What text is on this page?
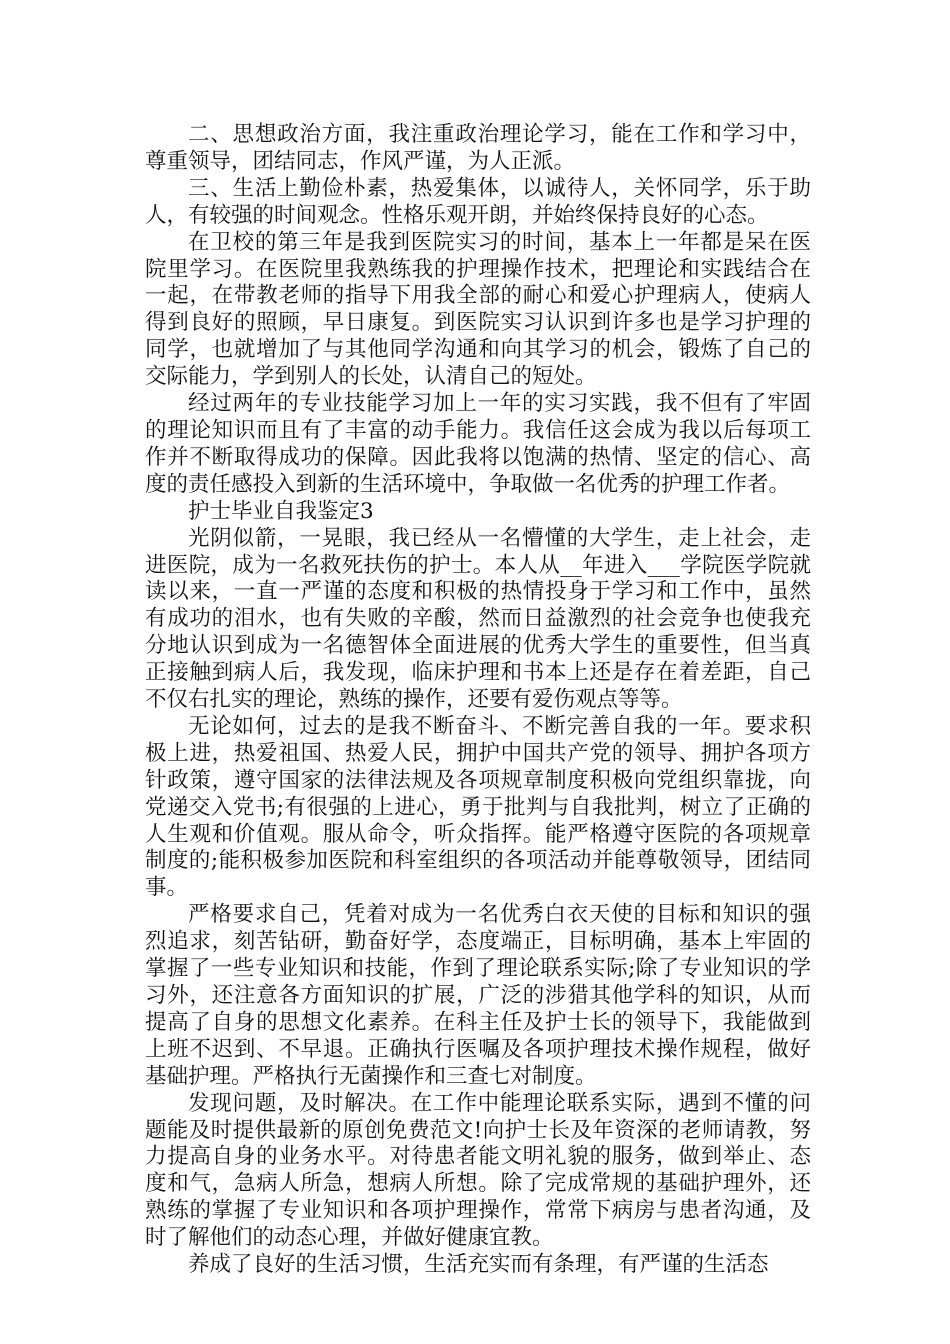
二、思想政治方面，我注重政治理论学习，能在工作和学习中，尊重领导，团结同志，作风严谨，为人正派。

三、生活上勤俭朴素，热爱集体，以诚待人，关怀同学，乐于助人，有较强的时间观念。性格乐观开朗，并始终保持良好的心态。

在卫校的第三年是我到医院实习的时间，基本上一年都是呆在医院里学习。在医院里我熟练我的护理操作技术，把理论和实践结合在一起，在带教老师的指导下用我全部的耐心和爱心护理病人，使病人得到良好的照顾，早日康复。到医院实习认识到许多也是学习护理的同学，也就增加了与其他同学沟通和向其学习的机会，锻炼了自己的交际能力，学到别人的长处，认清自己的短处。

经过两年的专业技能学习加上一年的实习实践，我不但有了牢固的理论知识而且有了丰富的动手能力。我信任这会成为我以后每项工作并不断取得成功的保障。因此我将以饱满的热情、坚定的信心、高度的责任感投入到新的生活环境中，争取做一名优秀的护理工作者。

护士毕业自我鉴定3

光阴似箭，一晃眼，我已经从一名懵懂的大学生，走上社会，走进医院，成为一名救死扶伤的护士。本人从__年进入___学院医学院就读以来，一直一严谨的态度和积极的热情投身于学习和工作中，虽然有成功的泪水，也有失败的辛酸，然而日益激烈的社会竞争也使我充分地认识到成为一名德智体全面进展的优秀大学生的重要性，但当真正接触到病人后，我发现，临床护理和书本上还是存在着差距，自己不仅右扎实的理论，熟练的操作，还要有爱伤观点等等。

无论如何，过去的是我不断奋斗、不断完善自我的一年。要求积极上进，热爱祖国、热爱人民，拥护中国共产党的领导、拥护各项方针政策，遵守国家的法律法规及各项规章制度积极向党组织靠拢，向党递交入党书;有很强的上进心，勇于批判与自我批判，树立了正确的人生观和价值观。服从命令，听众指挥。能严格遵守医院的各项规章制度的;能积极参加医院和科室组织的各项活动并能尊敬领导，团结同事。

严格要求自己，凭着对成为一名优秀白衣天使的目标和知识的强烈追求，刻苦钻研，勤奋好学，态度端正，目标明确，基本上牢固的掌握了一些专业知识和技能，作到了理论联系实际;除了专业知识的学习外，还注意各方面知识的扩展，广泛的涉猎其他学科的知识，从而提高了自身的思想文化素养。在科主任及护士长的领导下，我能做到上班不迟到、不早退。正确执行医嘱及各项护理技术操作规程，做好基础护理。严格执行无菌操作和三查七对制度。

发现问题，及时解决。在工作中能理论联系实际，遇到不懂的问题能及时提供最新的原创免费范文!向护士长及年资深的老师请教，努力提高自身的业务水平。对待患者能文明礼貌的服务，做到举止、态度和气，急病人所急，想病人所想。除了完成常规的基础护理外，还熟练的掌握了专业知识和各项护理操作，常常下病房与患者沟通，及时了解他们的动态心理，并做好健康宜教。

养成了良好的生活习惯，生活充实而有条理，有严谨的生活态
